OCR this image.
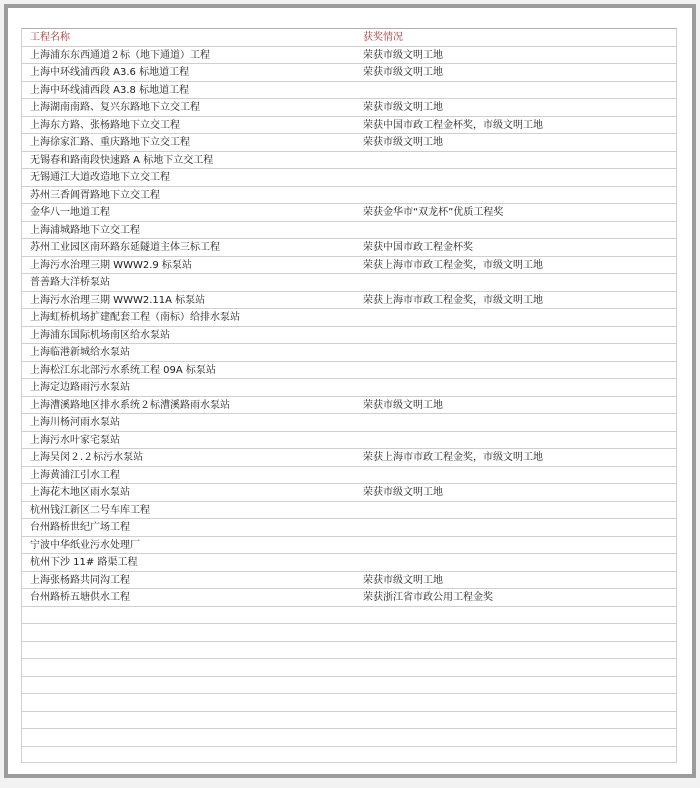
工程名称	获奖情况
上海浦东东西通道２标（地下通道）工程	荣获市级文明工地
上海中环线浦西段 A3.6 标地道工程	荣获市级文明工地
上海中环线浦西段 A3.8 标地道工程
上海湖南南路、复兴东路地下立交工程	荣获市级文明工地
上海东方路、张杨路地下立交工程	荣获中国市政工程金杯奖，市级文明工地
上海徐家汇路、重庆路地下立交工程	荣获市级文明工地
无锡春和路南段快速路 A 标地下立交工程
无锡通江大道改造地下立交工程
苏州三香阊胥路地下立交工程
金华八一地道工程	荣获金华市“双龙杯”优质工程奖
上海浦城路地下立交工程
苏州工业园区南环路东延隧道主体三标工程	荣获中国市政工程金杯奖
上海污水治理三期 WWW2.9 标泵站	荣获上海市市政工程金奖，市级文明工地
普善路大洋桥泵站
上海污水治理三期 WWW2.11A 标泵站	荣获上海市市政工程金奖，市级文明工地
上海虹桥机场扩建配套工程（南标）给排水泵站
上海浦东国际机场南区给水泵站
上海临港新城给水泵站
上海松江东北部污水系统工程 09A 标泵站
上海定边路雨污水泵站
上海漕溪路地区排水系统２标漕溪路雨水泵站	荣获市级文明工地
上海川杨河雨水泵站
上海污水叶家宅泵站
上海吴闵２.２标污水泵站	荣获上海市市政工程金奖，市级文明工地
上海黄浦江引水工程
上海花木地区雨水泵站	荣获市级文明工地
杭州钱江新区二号车库工程
台州路桥世纪广场工程
宁波中华纸业污水处理厂
杭州下沙 11# 路渠工程
上海张杨路共同沟工程	荣获市级文明工地
台州路桥五塘供水工程	荣获浙江省市政公用工程金奖
